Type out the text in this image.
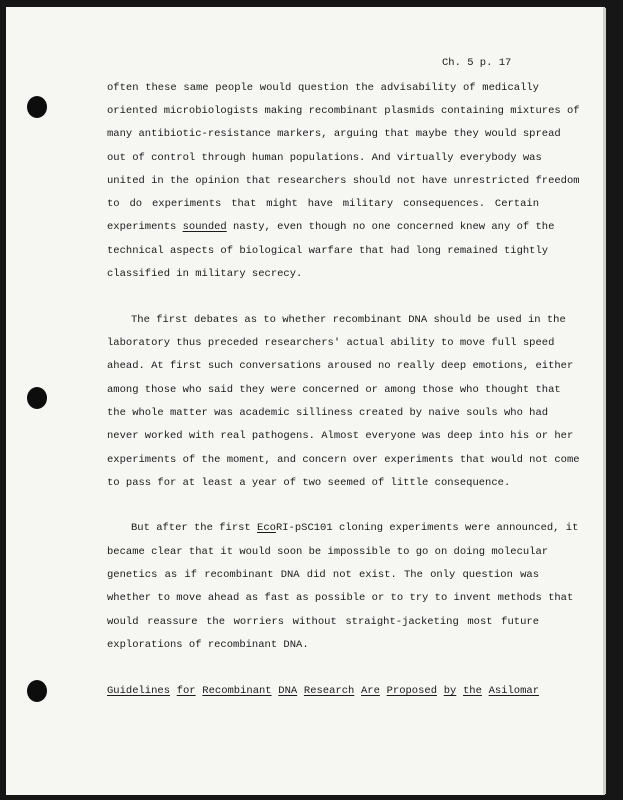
Ch. 5 p. 17
often these same people would question the advisability of medically
oriented microbiologists making recombinant plasmids containing mixtures of
many antibiotic-resistance markers, arguing that maybe they would spread
out of control through human populations. And virtually everybody was
united in the opinion that researchers should not have unrestricted freedom
to do experiments that might have military consequences. Certain
experiments sounded nasty, even though no one concerned knew any of the
technical aspects of biological warfare that had long remained tightly
classified in military secrecy.
The first debates as to whether recombinant DNA should be used in the
laboratory thus preceded researchers' actual ability to move full speed
ahead. At first such conversations aroused no really deep emotions, either
among those who said they were concerned or among those who thought that
the whole matter was academic silliness created by naive souls who had
never worked with real pathogens. Almost everyone was deep into his or her
experiments of the moment, and concern over experiments that would not come
to pass for at least a year of two seemed of little consequence.
But after the first EcoRI-pSC101 cloning experiments were announced, it
became clear that it would soon be impossible to go on doing molecular
genetics as if recombinant DNA did not exist. The only question was
whether to move ahead as fast as possible or to try to invent methods that
would reassure the worriers without straight-jacketing most future
explorations of recombinant DNA.
Guidelines for Recombinant DNA Research Are Proposed by the Asilomar
